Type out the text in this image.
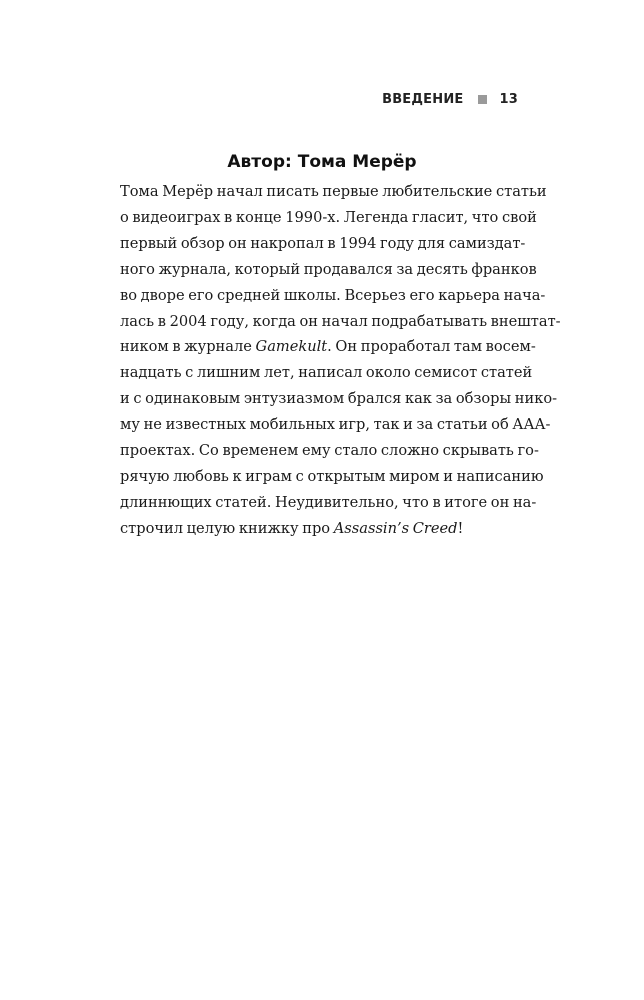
ВВЕДЕНИЕ	13
Автор: Тома Мерёр

Тома Мерёр начал писать первые любительские статьи
о видеоиграх в конце 1990-х. Легенда гласит, что свой
первый обзор он накропал в 1994 году для самиздат-
ного журнала, который продавался за десять франков
во дворе его средней школы. Всерьез его карьера нача-
лась в 2004 году, когда он начал подрабатывать внештат-
ником в журнале Gamekult. Он проработал там восем-
надцать с лишним лет, написал около семисот статей
и с одинаковым энтузиазмом брался как за обзоры нико-
му не известных мобильных игр, так и за статьи об ААА-
проектах. Со временем ему стало сложно скрывать го-
рячую любовь к играм с открытым миром и написанию
длиннющих статей. Неудивительно, что в итоге он на-
строчил целую книжку про Assassin’s Creed!
